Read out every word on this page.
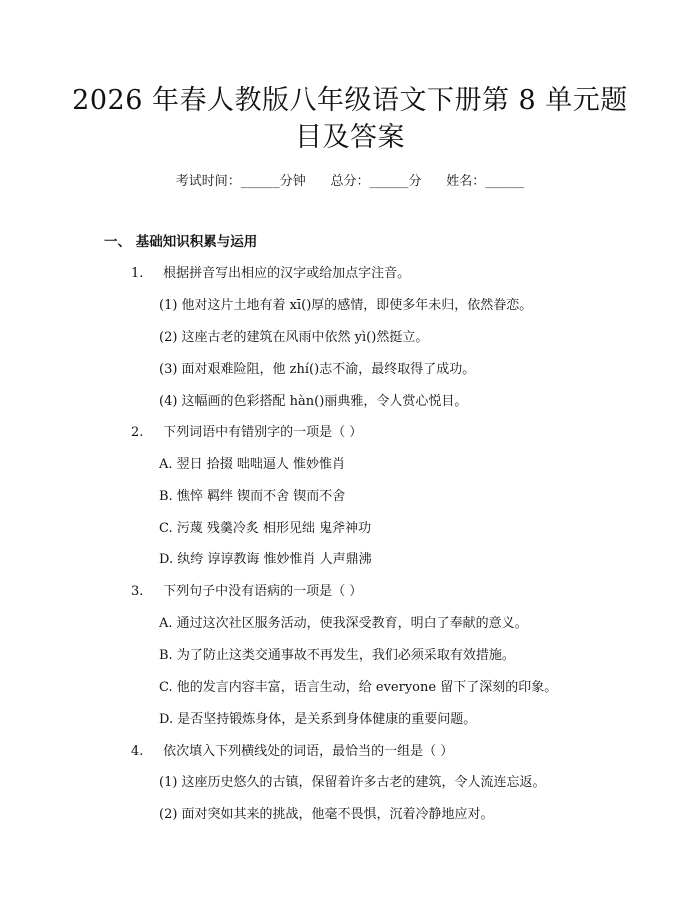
2026 年春人教版八年级语文下册第 8 单元题
目及答案
考试时间：______分钟      总分：______分      姓名：______
一、 基础知识积累与运用
1. 根据拼音写出相应的汉字或给加点字注音。
(1) 他对这片土地有着 xī()厚的感情，即使多年未归，依然眷恋。
(2) 这座古老的建筑在风雨中依然 yì()然挺立。
(3) 面对艰难险阻，他 zhí()志不渝，最终取得了成功。
(4) 这幅画的色彩搭配 hàn()丽典雅，令人赏心悦目。
2. 下列词语中有错别字的一项是（ ）
A. 翌日 拾掇 咄咄逼人 惟妙惟肖
B. 憔悴 羁绊 锲而不舍 锲而不舍
C. 污蔑 残羹冷炙 相形见绌 鬼斧神功
D. 纨绔 谆谆教诲 惟妙惟肖 人声鼎沸
3. 下列句子中没有语病的一项是（ ）
A. 通过这次社区服务活动，使我深受教育，明白了奉献的意义。
B. 为了防止这类交通事故不再发生，我们必须采取有效措施。
C. 他的发言内容丰富，语言生动，给 everyone 留下了深刻的印象。
D. 是否坚持锻炼身体，是关系到身体健康的重要问题。
4. 依次填入下列横线处的词语，最恰当的一组是（ ）
(1) 这座历史悠久的古镇，保留着许多古老的建筑，令人流连忘返。
(2) 面对突如其来的挑战，他毫不畏惧，沉着冷静地应对。
